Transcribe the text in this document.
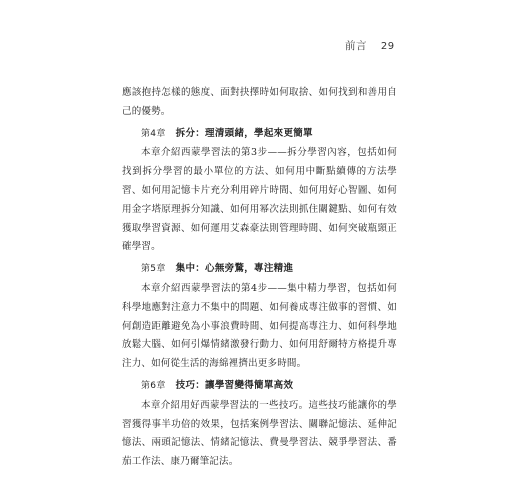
前言 29

應該抱持怎樣的態度、面對抉擇時如何取捨、如何找到和善用自己的優勢。

第4章 拆分：理清頭緒，學起來更簡單

本章介紹西蒙學習法的第3步——拆分學習內容，包括如何找到拆分學習的最小單位的方法、如何用中斷點續傳的方法學習、如何用記憶卡片充分利用碎片時間、如何用好心智圖、如何用金字塔原理拆分知識、如何用幂次法則抓住關鍵點、如何有效獲取學習資源、如何運用艾森豪法則管理時間、如何突破瓶頸正確學習。

第5章 集中：心無旁騖，專注精進

本章介紹西蒙學習法的第4步——集中精力學習，包括如何科學地應對注意力不集中的問題、如何養成專注做事的習慣、如何創造距離避免為小事浪費時間、如何提高專注力、如何科學地放鬆大腦、如何引爆情緒激發行動力、如何用舒爾特方格提升專注力、如何從生活的海綿裡擠出更多時間。

第6章 技巧：讓學習變得簡單高效

本章介紹用好西蒙學習法的一些技巧。這些技巧能讓你的學習獲得事半功倍的效果，包括案例學習法、關聯記憶法、延伸記憶法、兩頭記憶法、情緒記憶法、費曼學習法、競爭學習法、番茄工作法、康乃爾筆記法。
